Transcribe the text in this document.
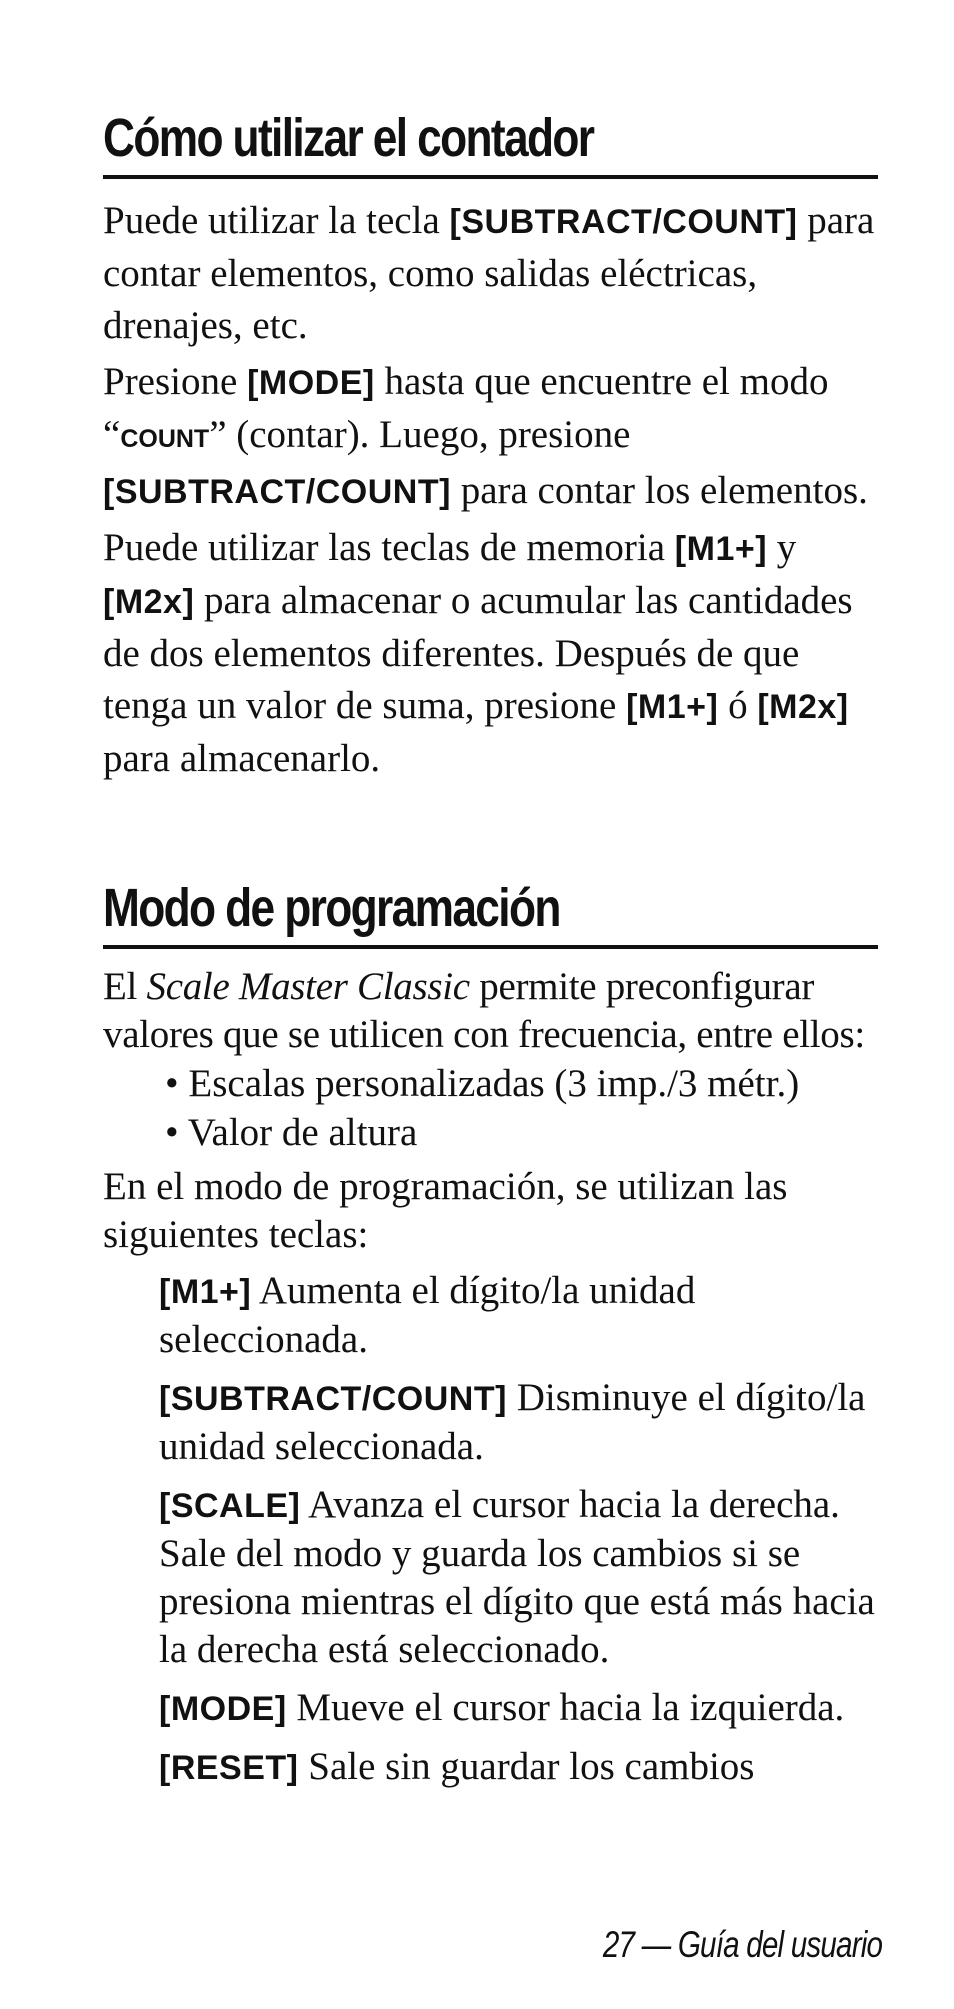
Cómo utilizar el contador

Puede utilizar la tecla [SUBTRACT/COUNT] para contar elementos, como salidas eléctricas, drenajes, etc.

Presione [MODE] hasta que encuentre el modo “COUNT” (contar). Luego, presione [SUBTRACT/COUNT] para contar los elementos.

Puede utilizar las teclas de memoria [M1+] y [M2x] para almacenar o acumular las cantidades de dos elementos diferentes. Después de que tenga un valor de suma, presione [M1+] ó [M2x] para almacenarlo.

Modo de programación

El Scale Master Classic permite preconfigurar valores que se utilicen con frecuencia, entre ellos:

• Escalas personalizadas (3 imp./3 métr.)
• Valor de altura

En el modo de programación, se utilizan las siguientes teclas:

[M1+] Aumenta el dígito/la unidad seleccionada.

[SUBTRACT/COUNT] Disminuye el dígito/la unidad seleccionada.

[SCALE] Avanza el cursor hacia la derecha. Sale del modo y guarda los cambios si se presiona mientras el dígito que está más hacia la derecha está seleccionado.

[MODE] Mueve el cursor hacia la izquierda.

[RESET] Sale sin guardar los cambios

27 — Guía del usuario
